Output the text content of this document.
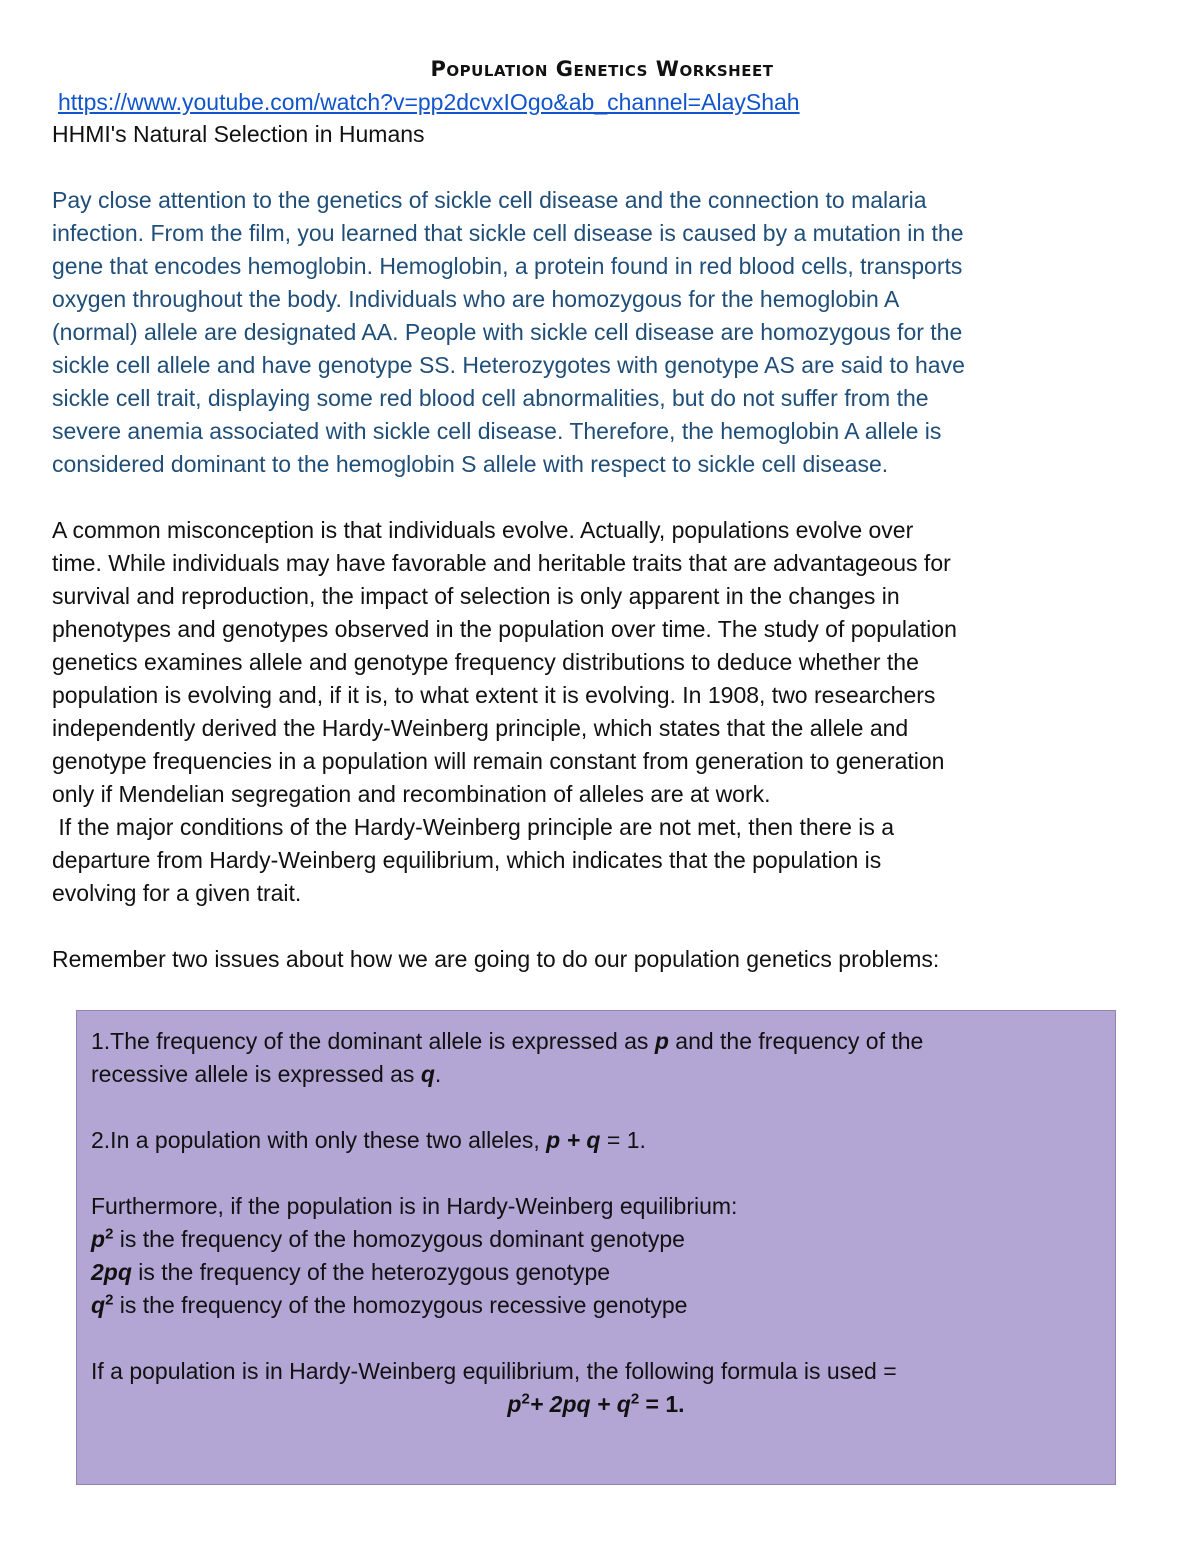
Population Genetics Worksheet
https://www.youtube.com/watch?v=pp2dcvxIOgo&ab_channel=AlayShah

HHMI's Natural Selection in Humans

Pay close attention to the genetics of sickle cell disease and the connection to malaria
infection. From the film, you learned that sickle cell disease is caused by a mutation in the
gene that encodes hemoglobin. Hemoglobin, a protein found in red blood cells, transports
oxygen throughout the body. Individuals who are homozygous for the hemoglobin A
(normal) allele are designated AA. People with sickle cell disease are homozygous for the
sickle cell allele and have genotype SS. Heterozygotes with genotype AS are said to have
sickle cell trait, displaying some red blood cell abnormalities, but do not suffer from the
severe anemia associated with sickle cell disease. Therefore, the hemoglobin A allele is
considered dominant to the hemoglobin S allele with respect to sickle cell disease.

A common misconception is that individuals evolve. Actually, populations evolve over
time. While individuals may have favorable and heritable traits that are advantageous for
survival and reproduction, the impact of selection is only apparent in the changes in
phenotypes and genotypes observed in the population over time. The study of population
genetics examines allele and genotype frequency distributions to deduce whether the
population is evolving and, if it is, to what extent it is evolving. In 1908, two researchers
independently derived the Hardy-Weinberg principle, which states that the allele and
genotype frequencies in a population will remain constant from generation to generation
only if Mendelian segregation and recombination of alleles are at work.
If the major conditions of the Hardy-Weinberg principle are not met, then there is a
departure from Hardy-Weinberg equilibrium, which indicates that the population is
evolving for a given trait.

Remember two issues about how we are going to do our population genetics problems:

1.The frequency of the dominant allele is expressed as p and the frequency of the

recessive allele is expressed as q.

2.In a population with only these two alleles, p + q = 1.

Furthermore, if the population is in Hardy-Weinberg equilibrium:

$p^2$ is the frequency of the homozygous dominant genotype

2pq is the frequency of the heterozygous genotype

$q^2$ is the frequency of the homozygous recessive genotype

If a population is in Hardy-Weinberg equilibrium, the following formula is used =

$p^2+ 2pq + q^2 = 1$.
